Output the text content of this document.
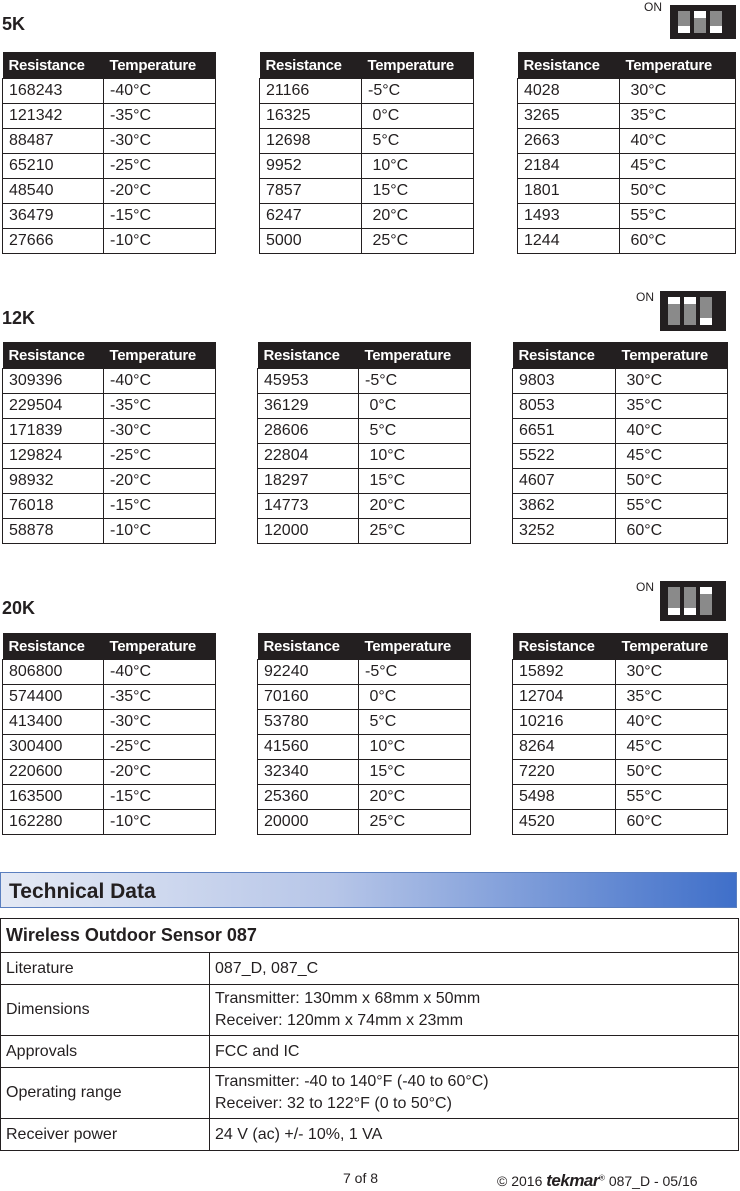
5K
ON
Resistance	Temperature
168243	-40°C
121342	-35°C
88487	-30°C
65210	-25°C
48540	-20°C
36479	-15°C
27666	-10°C
Resistance	Temperature
21166	-5°C
16325	0°C
12698	5°C
9952	10°C
7857	15°C
6247	20°C
5000	25°C
Resistance	Temperature
4028	30°C
3265	35°C
2663	40°C
2184	45°C
1801	50°C
1493	55°C
1244	60°C
12K
ON
Resistance	Temperature
309396	-40°C
229504	-35°C
171839	-30°C
129824	-25°C
98932	-20°C
76018	-15°C
58878	-10°C
Resistance	Temperature
45953	-5°C
36129	0°C
28606	5°C
22804	10°C
18297	15°C
14773	20°C
12000	25°C
Resistance	Temperature
9803	30°C
8053	35°C
6651	40°C
5522	45°C
4607	50°C
3862	55°C
3252	60°C
20K
ON
Resistance	Temperature
806800	-40°C
574400	-35°C
413400	-30°C
300400	-25°C
220600	-20°C
163500	-15°C
162280	-10°C
Resistance	Temperature
92240	-5°C
70160	0°C
53780	5°C
41560	10°C
32340	15°C
25360	20°C
20000	25°C
Resistance	Temperature
15892	30°C
12704	35°C
10216	40°C
8264	45°C
7220	50°C
5498	55°C
4520	60°C
Technical Data
Wireless Outdoor Sensor 087	
Literature	087_D, 087_C

Dimensions	Transmitter: 130mm x 68mm x 50mm
Receiver: 120mm x 74mm x 23mm

Approvals	FCC and IC

Operating range	Transmitter: -40 to 140°F (-40 to 60°C)
Receiver: 32 to 122°F (0 to 50°C)

Receiver power	24 V (ac) +/- 10%, 1 VA
7 of 8	© 2016 tekmar® 087_D - 05/16
